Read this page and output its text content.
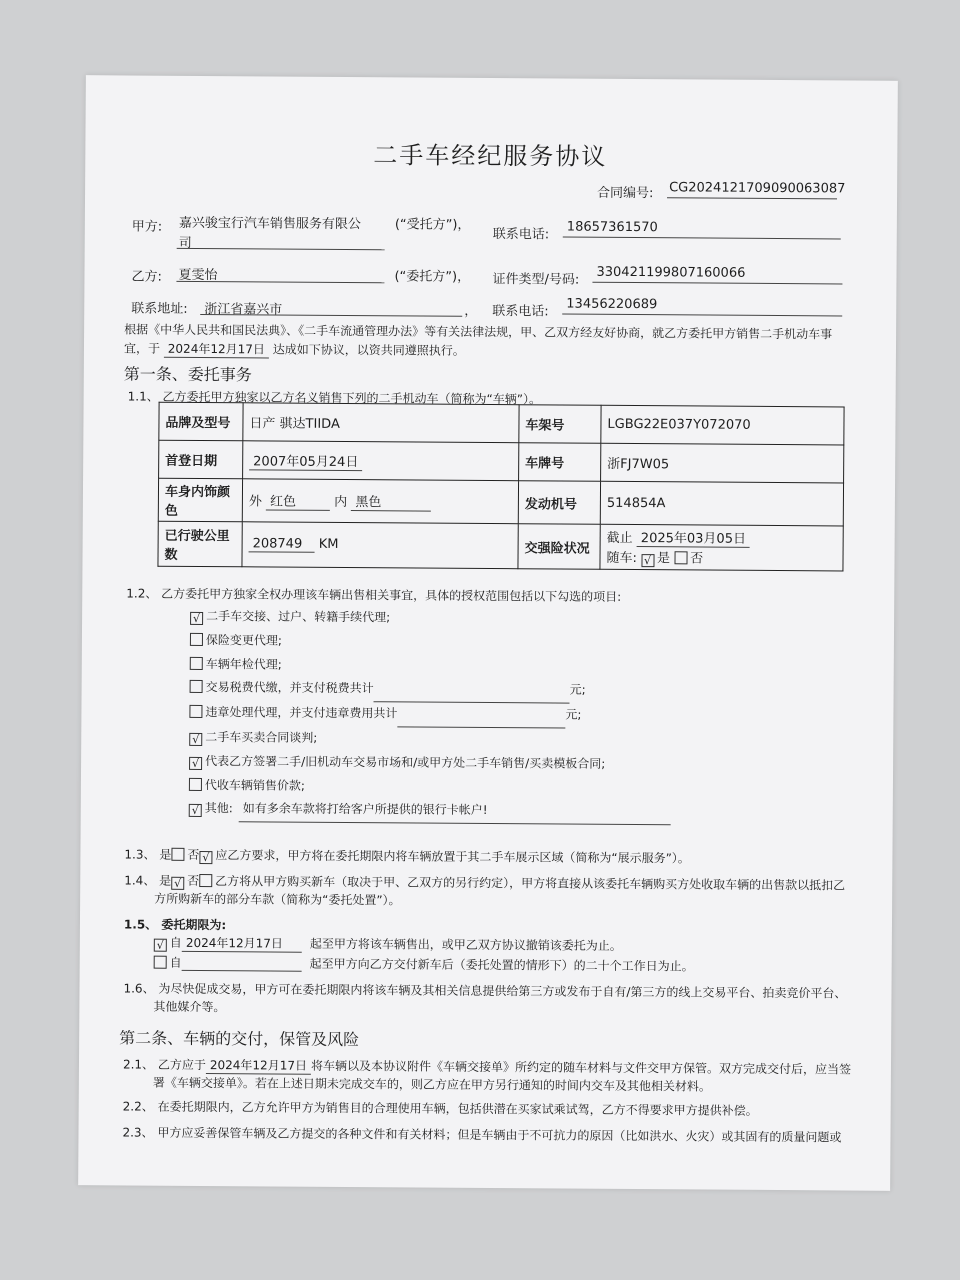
二手车经纪服务协议
合同编号: CG2024121709090063087
甲方: 嘉兴骏宝行汽车销售服务有限公
司
(“受托方”)，
联系电话: 18657361570
乙方: 夏雯怡	(“委托方”)， 证件类型/号码: 330421199807160066
联系地址: 浙江省嘉兴市	， 联系电话: 13456220689
根据《中华人民共和国民法典》、《二手车流通管理办法》等有关法律法规，甲、乙双方经友好协商，就乙方委托甲方销售二手机动车事
宜，于 2024年12月17日 达成如下协议，以资共同遵照执行。
第一条、委托事务
1.1、 乙方委托甲方独家以乙方名义销售下列的二手机动车（简称为“车辆”）。
品牌及型号	日产 骐达TIIDA	车架号	LGBG22E037Y072070
首登日期	2007年05月24日	车牌号	浙FJ7W05
车身内饰颜色	外 红色 内 黑色	发动机号	514854A
已行驶公里数	208749 KM	交强险状况	截止 2025年03月05日
随车: √ 是 否
1.2、 乙方委托甲方独家全权办理该车辆出售相关事宜，具体的授权范围包括以下勾选的项目:
√ 二手车交接、过户、转籍手续代理;
保险变更代理;
车辆年检代理;
交易税费代缴，并支付税费共计 ​	元;
违章处理代理，并支付违章费用共计 ​	元;
√ 二手车买卖合同谈判;
√ 代表乙方签署二手/旧机动车交易市场和/或甲方处二手车销售/买卖模板合同;
代收车辆销售价款;
√ 其他: 如有多余车款将打给客户所提供的银行卡帐户!
1.3、 是 否 √ 应乙方要求，甲方将在委托期限内将车辆放置于其二手车展示区域（简称为“展示服务”）。
1.4、 是 √ 否 乙方将从甲方购买新车（取决于甲、乙双方的另行约定），甲方将直接从该委托车辆购买方处收取车辆的出售款以抵扣乙
方所购新车的部分车款（简称为“委托处置”）。
1.5、 委托期限为:
√ 自 2024年12月17日 起至甲方将该车辆售出，或甲乙双方协议撤销该委托为止。
自 ​	起至甲方向乙方交付新车后（委托处置的情形下）的二十个工作日为止。
1.6、 为尽快促成交易，甲方可在委托期限内将该车辆及其相关信息提供给第三方或发布于自有/第三方的线上交易平台、拍卖竞价平台、
其他媒介等。
第二条、车辆的交付，保管及风险
2.1、 乙方应于 2024年12月17日 将车辆以及本协议附件《车辆交接单》所约定的随车材料与文件交甲方保管。双方完成交付后，应当签
署《车辆交接单》。若在上述日期未完成交车的，则乙方应在甲方另行通知的时间内交车及其他相关材料。
2.2、 在委托期限内，乙方允许甲方为销售目的合理使用车辆，包括供潜在买家试乘试驾，乙方不得要求甲方提供补偿。
2.3、 甲方应妥善保管车辆及乙方提交的各种文件和有关材料；但是车辆由于不可抗力的原因（比如洪水、火灾）或其固有的质量问题或
